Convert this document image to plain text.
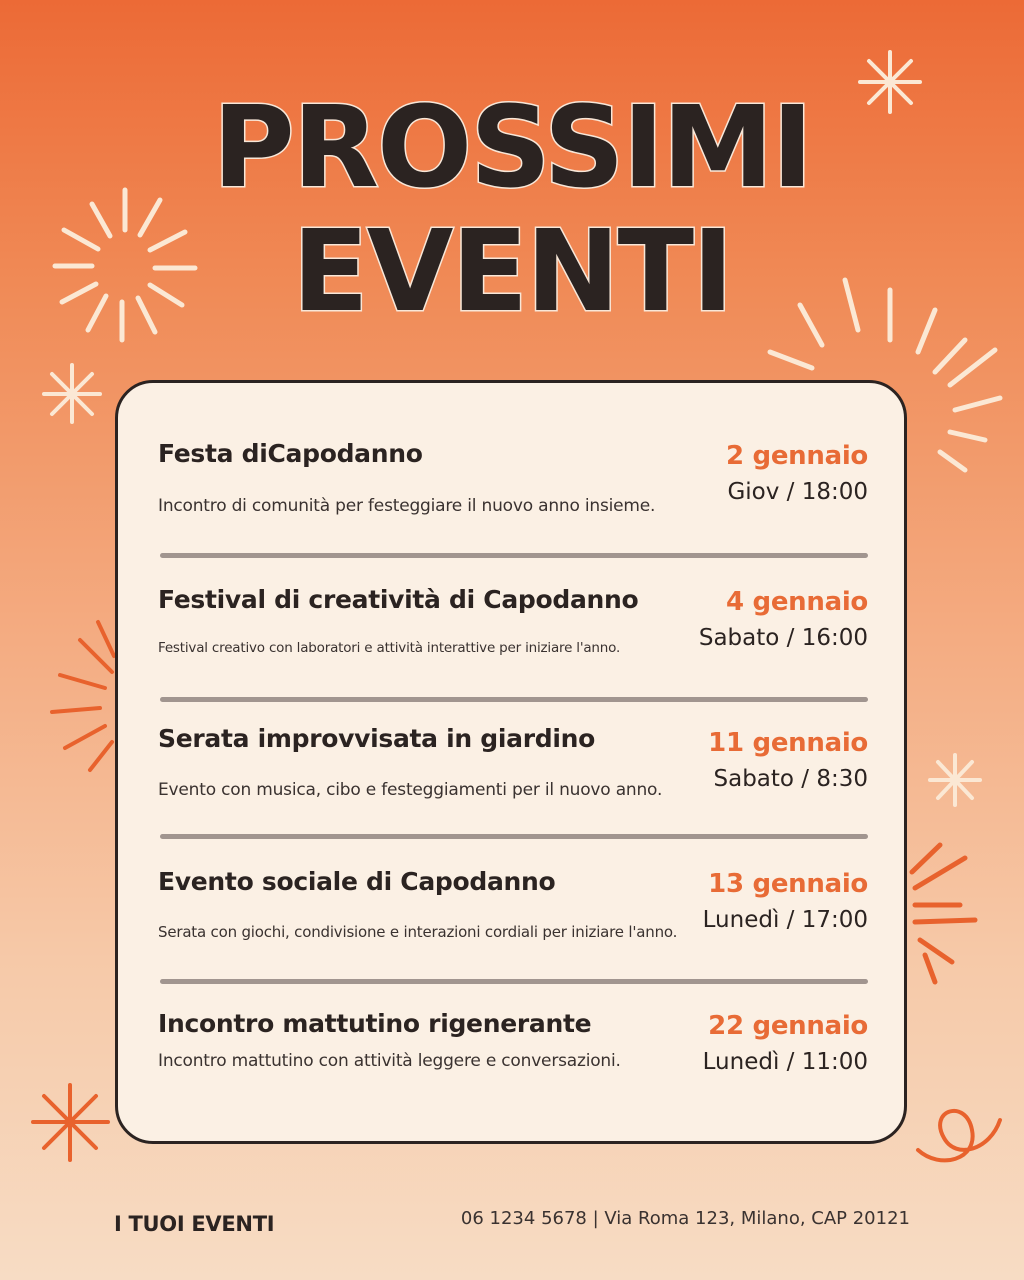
PROSSIMI
EVENTI

Festa diCapodanno

Incontro di comunità per festeggiare il nuovo anno insieme.

2 gennaio

Giov / 18:00

Festival di creatività di Capodanno

Festival creativo con laboratori e attività interattive per iniziare l'anno.

4 gennaio

Sabato / 16:00

Serata improvvisata in giardino

Evento con musica, cibo e festeggiamenti per il nuovo anno.

11 gennaio

Sabato / 8:30

Evento sociale di Capodanno

Serata con giochi, condivisione e interazioni cordiali per iniziare l'anno.

13 gennaio

Lunedì / 17:00

Incontro mattutino rigenerante

Incontro mattutino con attività leggere e conversazioni.

22 gennaio

Lunedì / 11:00

I TUOI EVENTI	06 1234 5678 | Via Roma 123, Milano, CAP 20121
